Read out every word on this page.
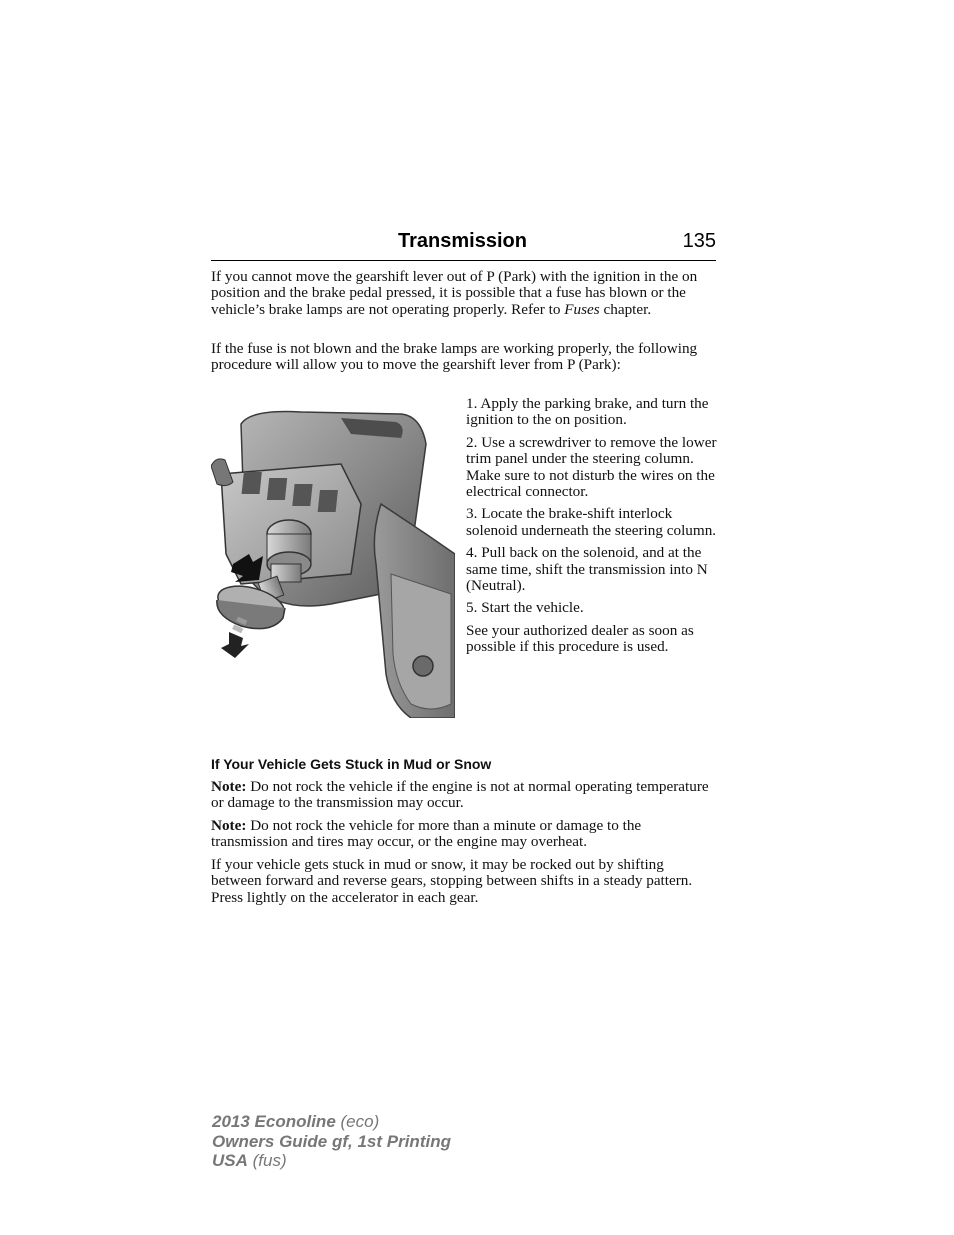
Transmission	135

If you cannot move the gearshift lever out of P (Park) with the ignition in the on position and the brake pedal pressed, it is possible that a fuse has blown or the vehicle’s brake lamps are not operating properly. Refer to Fuses chapter.

If the fuse is not blown and the brake lamps are working properly, the following procedure will allow you to move the gearshift lever from P (Park):

1. Apply the parking brake, and turn the ignition to the on position.

2. Use a screwdriver to remove the lower trim panel under the steering column. Make sure to not disturb the wires on the electrical connector.

3. Locate the brake-shift interlock solenoid underneath the steering column.

4. Pull back on the solenoid, and at the same time, shift the transmission into N (Neutral).

5. Start the vehicle.

See your authorized dealer as soon as possible if this procedure is used.

If Your Vehicle Gets Stuck in Mud or Snow

Note: Do not rock the vehicle if the engine is not at normal operating temperature or damage to the transmission may occur.

Note: Do not rock the vehicle for more than a minute or damage to the transmission and tires may occur, or the engine may overheat.

If your vehicle gets stuck in mud or snow, it may be rocked out by shifting between forward and reverse gears, stopping between shifts in a steady pattern. Press lightly on the accelerator in each gear.

2013 Econoline (eco)
Owners Guide gf, 1st Printing
USA (fus)
